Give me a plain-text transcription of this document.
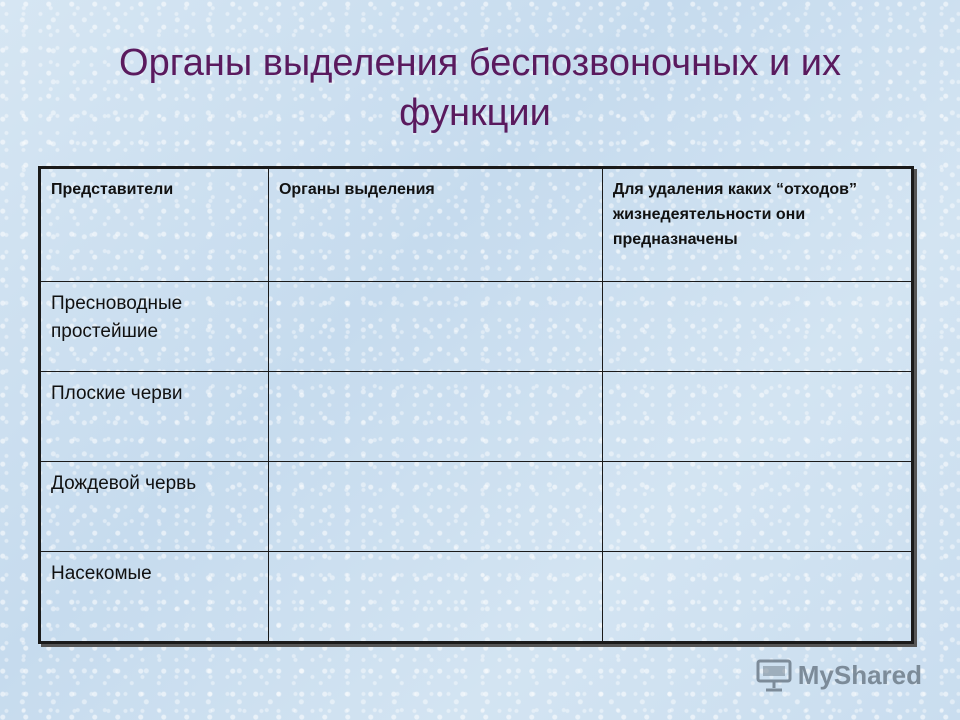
Органы выделения беспозвоночных и их
функции
Представители	Органы выделения	Для удаления каких “отходов” жизнедеятельности они предназначены
Пресноводные простейшие		
Плоские черви		
Дождевой червь		
Насекомые		
MyShared
